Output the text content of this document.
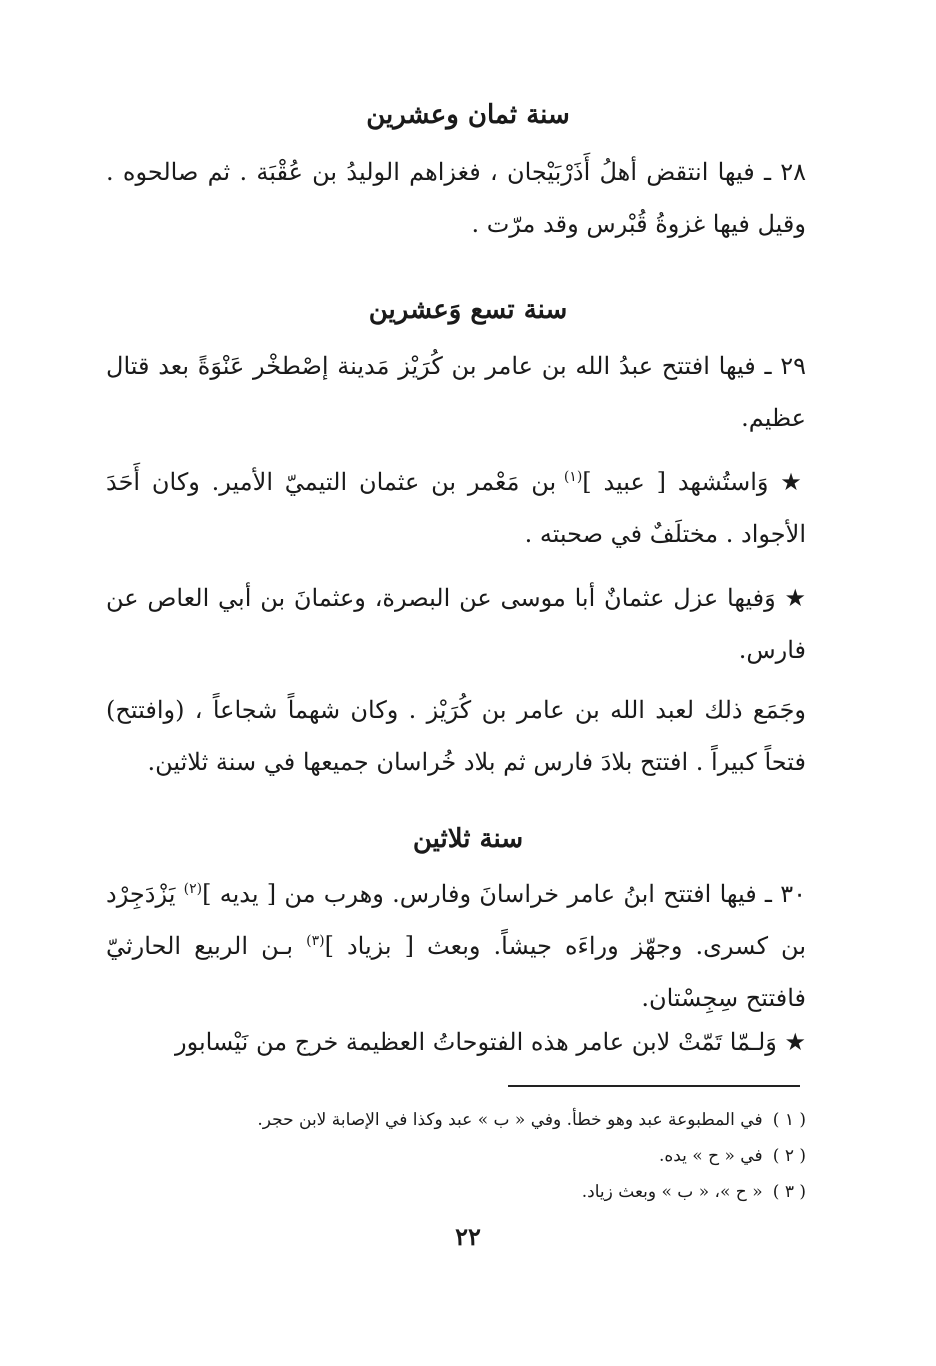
سنة ثمان وعشرين

٢٨ ـ فيها انتقض أهلُ أَذَرْبَيْجان ، فغزاهم الوليدُ بن عُقْبَة . ثم صالحوه . وقيل فيها غزوةُ قُبْرس وقد مرّت .

سنة تسع وَعشرين

٢٩ ـ فيها افتتح عبدُ الله بن عامر بن كُرَيْز مَدينة إصْطخْر عَنْوَةً بعد قتال عظيم.

★ وَاستُشهد [ عبيد ]$^{(١)}$ بن مَعْمر بن عثمان التيميّ الأمير. وكان أَحَدَ الأجواد . مختلَفٌ في صحبته .

★ وَفيها عزل عثمانٌ أبا موسى عن البصرة، وعثمانَ بن أبي العاص عن فارس.

وجَمَع ذلك لعبد الله بن عامر بن كُرَيْز . وكان شهماً شجاعاً ، (وافتتح) فتحاً كبيراً . افتتح بلادَ فارس ثم بلاد خُراسان جميعها في سنة ثلاثين.

سنة ثلاثين

٣٠ ـ فيها افتتح ابنُ عامر خراسانَ وفارس. وهرب من [ يديه ]$^{(٢)}$ يَزْدَجِرْد بن كسرى. وجهّز وراءَه جيشاً. وبعث [ بزياد ]$^{(٣)}$ بـن الربيع الحارثيّ فافتتح سِجِسْتان.

★ وَلـمّا تَمّتْ لابن عامر هذه الفتوحاتُ العظيمة خرج من نَيْسابور

( ١ ) في المطبوعة عبد وهو خطأ. وفي « ب » عبد وكذا في الإصابة لابن حجر.
( ٢ ) في « ح » يده.
( ٣ ) « ح »، « ب » وبعث زياد.

٢٢
